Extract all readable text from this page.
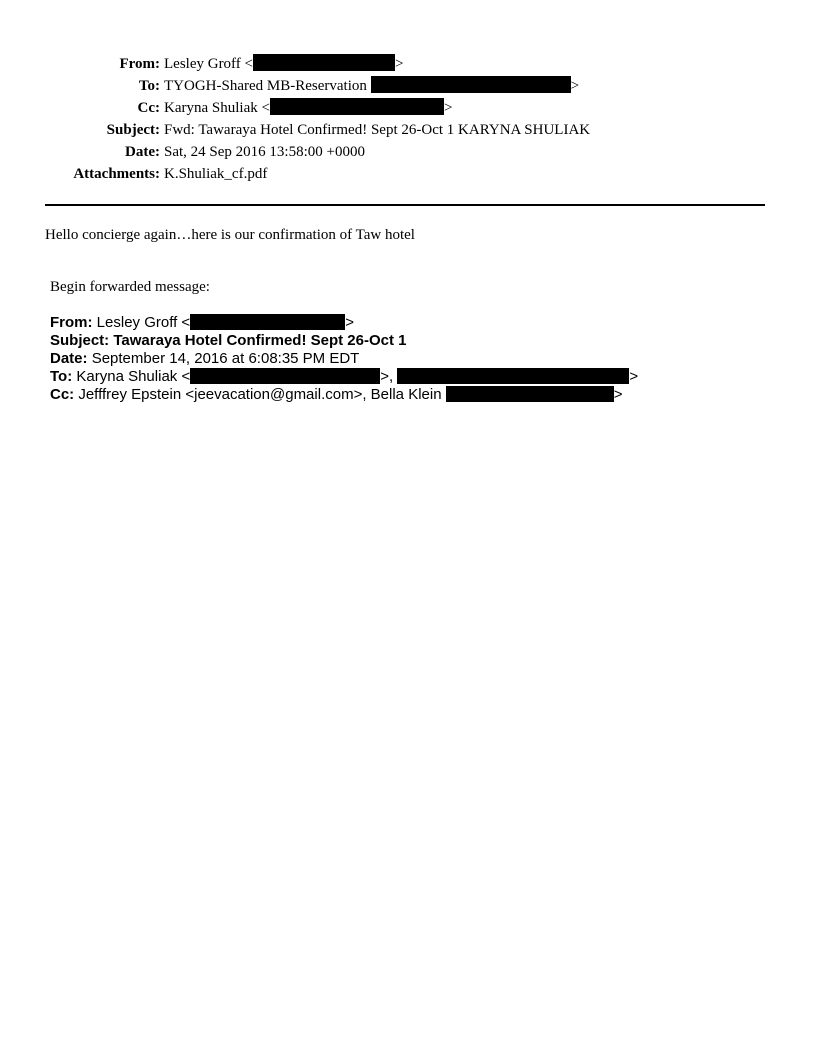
From: Lesley Groff <	>
To: TYOGH-Shared MB-Reservation	>
Cc: Karyna Shuliak <	>
Subject: Fwd: Tawaraya Hotel Confirmed! Sept 26-Oct 1 KARYNA SHULIAK
Date: Sat, 24 Sep 2016 13:58:00 +0000
Attachments: K.Shuliak_cf.pdf
Hello concierge again…here is our confirmation of Taw hotel
Begin forwarded message:
From: Lesley Groff <	>
Subject: Tawaraya Hotel Confirmed! Sept 26-Oct 1
Date: September 14, 2016 at 6:08:35 PM EDT
To: Karyna Shuliak <	>,	>
Cc: Jefffrey Epstein <jeevacation@gmail.com>, Bella Klein	>
